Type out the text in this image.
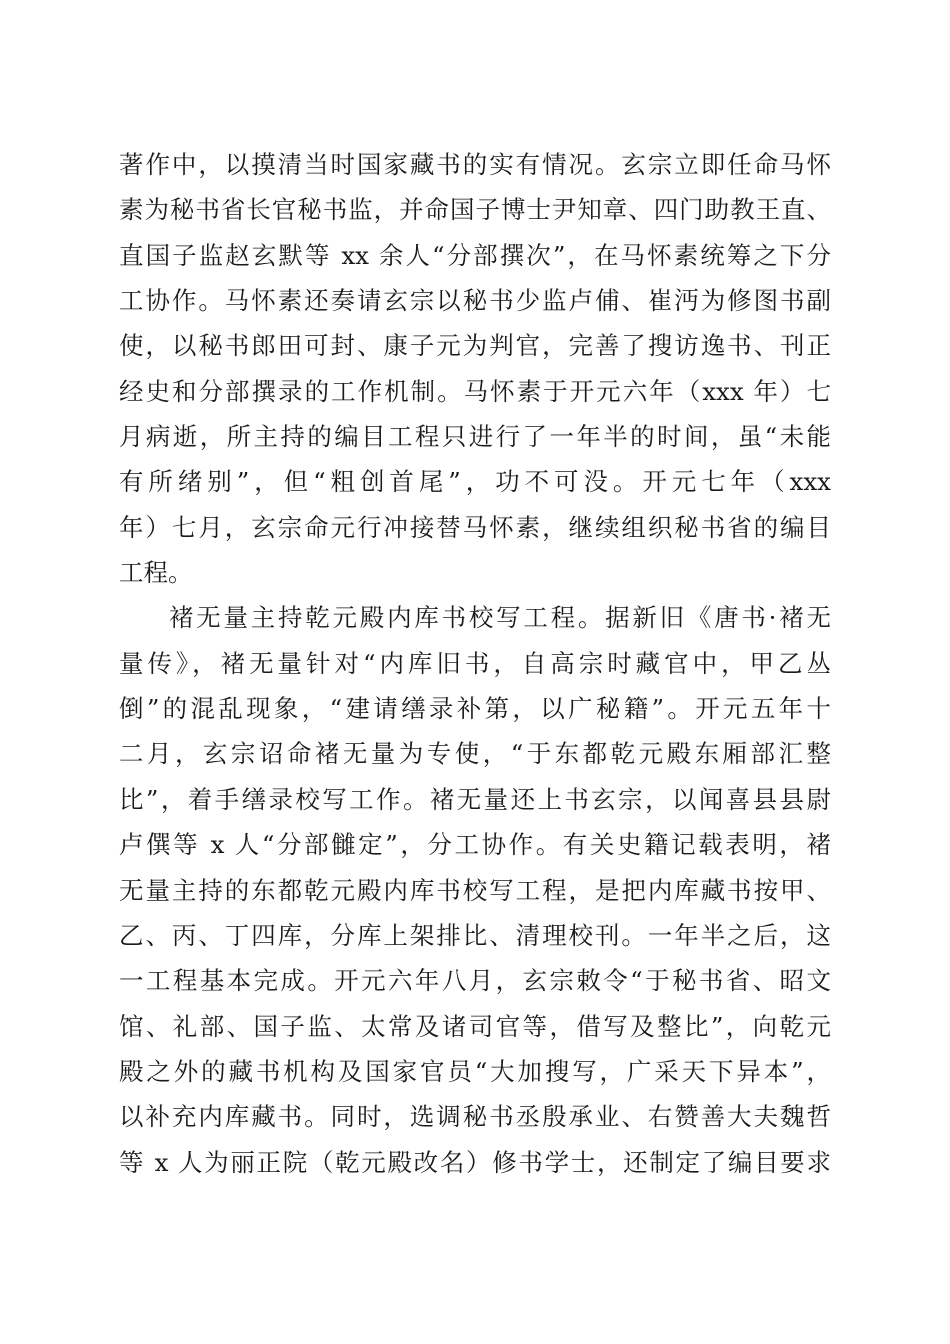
著作中，以摸清当时国家藏书的实有情况。玄宗立即任命马怀
素为秘书省长官秘书监，并命国子博士尹知章、四门助教王直、
直国子监赵玄默等 xx 余人“分部撰次”，在马怀素统筹之下分
工协作。马怀素还奏请玄宗以秘书少监卢俌、崔沔为修图书副
使，以秘书郎田可封、康子元为判官，完善了搜访逸书、刊正
经史和分部撰录的工作机制。马怀素于开元六年（xxx 年）七
月病逝，所主持的编目工程只进行了一年半的时间，虽“未能
有所绪别”，但“粗创首尾”，功不可没。开元七年（xxx
年）七月，玄宗命元行冲接替马怀素，继续组织秘书省的编目
工程。
褚无量主持乾元殿内库书校写工程。据新旧《唐书·褚无
量传》，褚无量针对“内库旧书，自高宗时藏官中，甲乙丛
倒”的混乱现象，“建请缮录补第，以广秘籍”。开元五年十
二月，玄宗诏命褚无量为专使，“于东都乾元殿东厢部汇整
比”，着手缮录校写工作。褚无量还上书玄宗，以闻喜县县尉
卢僎等 x 人“分部雠定”，分工协作。有关史籍记载表明，褚
无量主持的东都乾元殿内库书校写工程，是把内库藏书按甲、
乙、丙、丁四库，分库上架排比、清理校刊。一年半之后，这
一工程基本完成。开元六年八月，玄宗敕令“于秘书省、昭文
馆、礼部、国子监、太常及诸司官等，借写及整比”，向乾元
殿之外的藏书机构及国家官员“大加搜写，广采天下异本”，
以补充内库藏书。同时，选调秘书丞殷承业、右赞善大夫魏哲
等 x 人为丽正院（乾元殿改名）修书学士，还制定了编目要求
